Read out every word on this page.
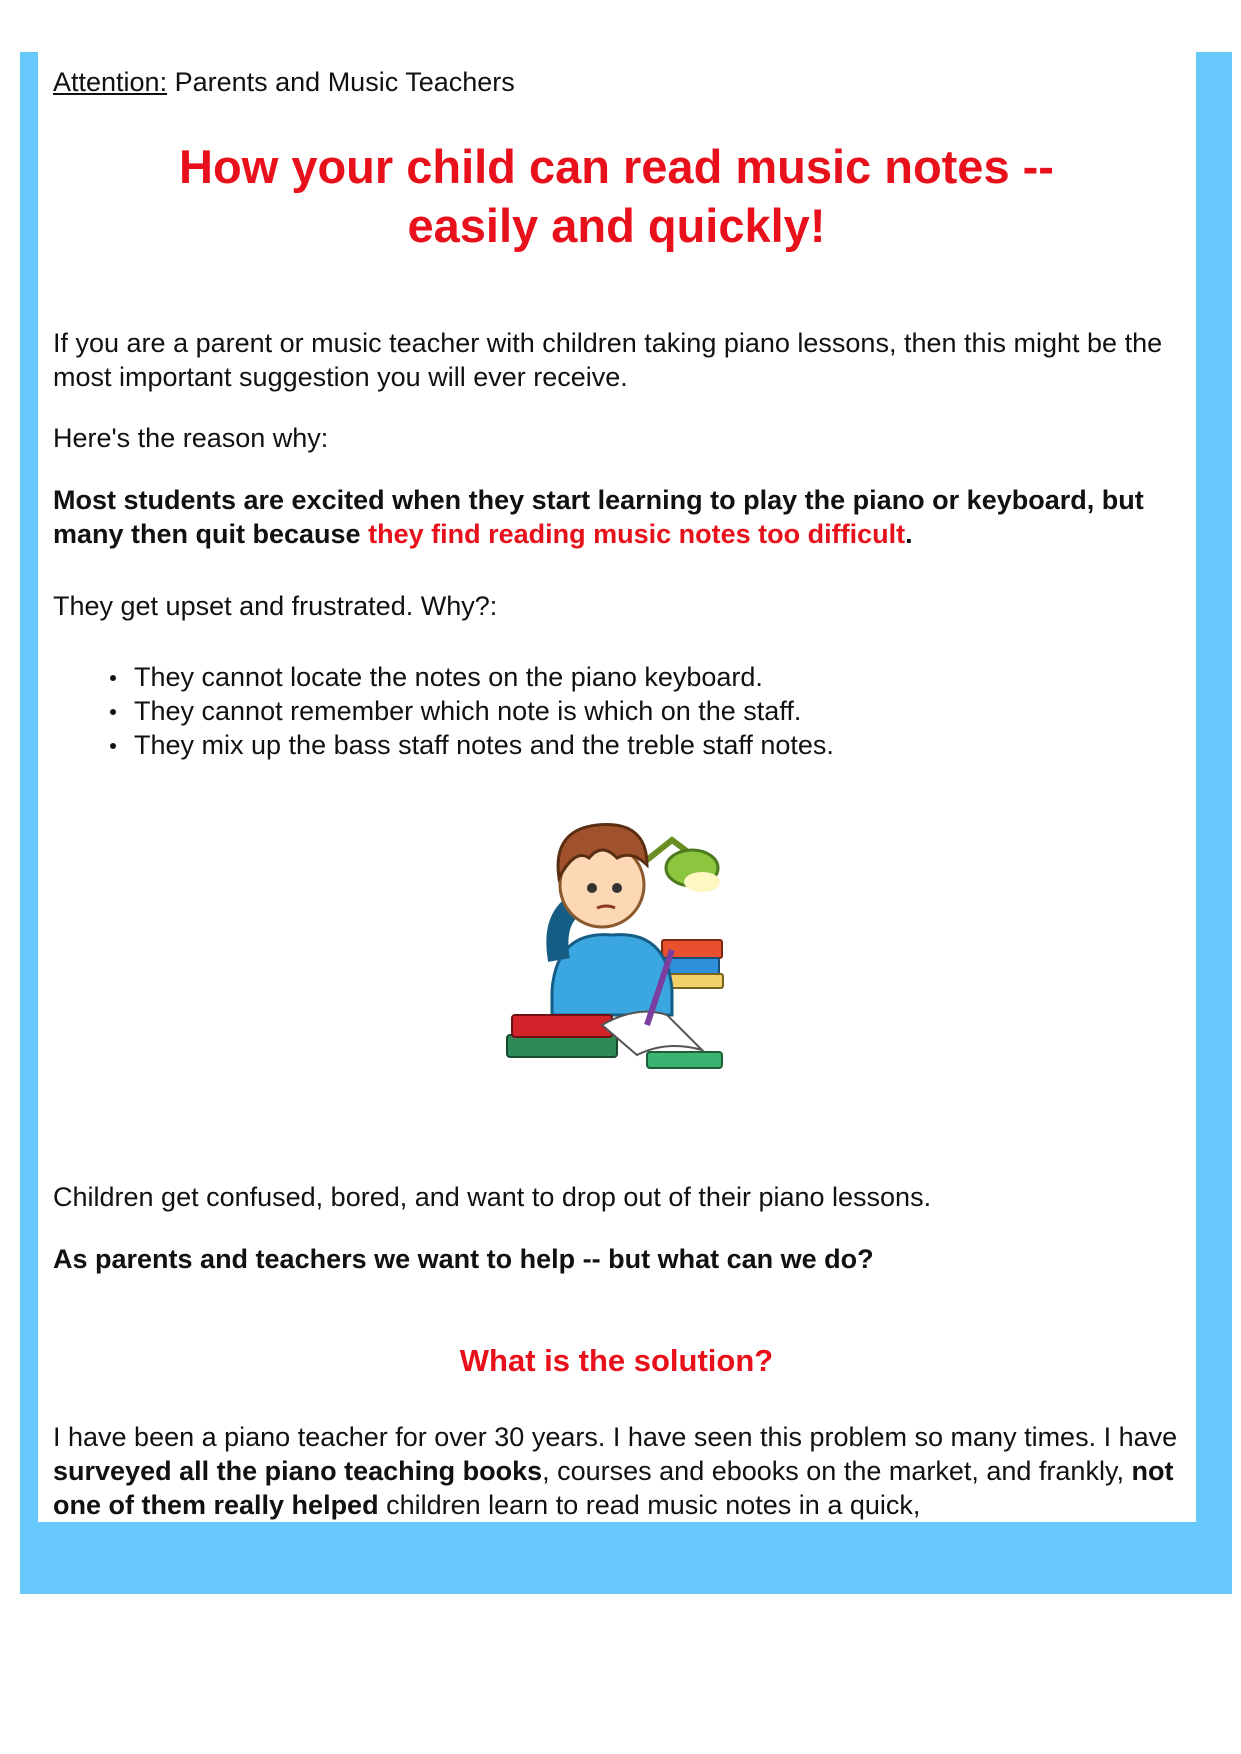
Attention: Parents and Music Teachers

How your child can read music notes --
easily and quickly!

If you are a parent or music teacher with children taking piano lessons, then this might be the most important suggestion you will ever receive.

Here's the reason why:

Most students are excited when they start learning to play the piano or keyboard, but many then quit because they find reading music notes too difficult.

They get upset and frustrated. Why?:

They cannot locate the notes on the piano keyboard.
They cannot remember which note is which on the staff.
They mix up the bass staff notes and the treble staff notes.

Children get confused, bored, and want to drop out of their piano lessons.

As parents and teachers we want to help -- but what can we do?

What is the solution?

I have been a piano teacher for over 30 years. I have seen this problem so many times. I have surveyed all the piano teaching books, courses and ebooks on the market, and frankly, not one of them really helped children learn to read music notes in a quick,
